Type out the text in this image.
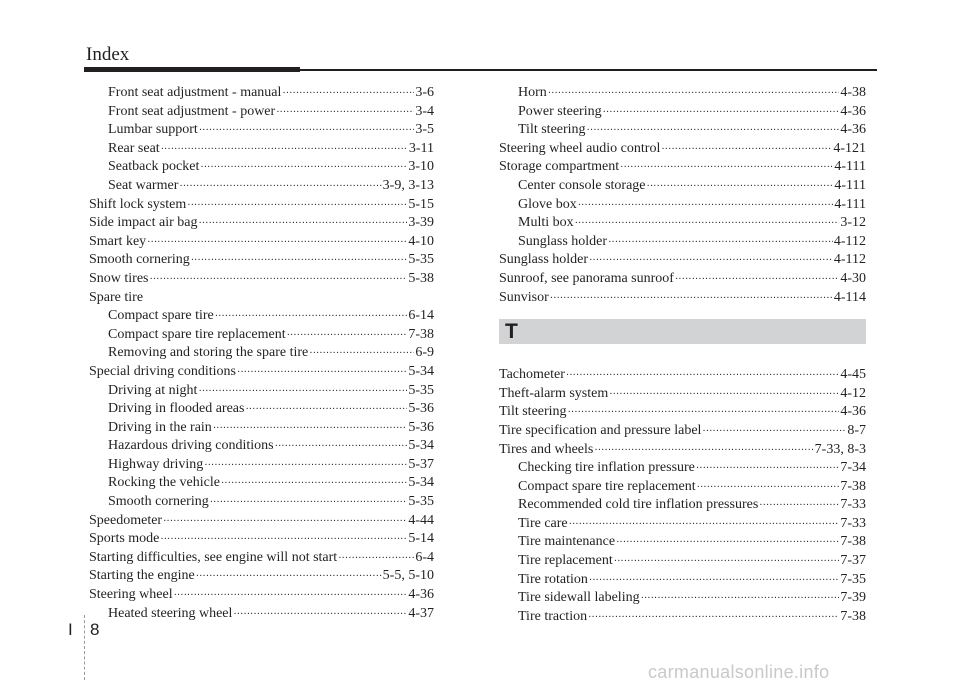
Index
Front seat adjustment - manual ·····	3-6
Front seat adjustment - power ·····	3-4
Lumbar support ·····	3-5
Rear seat ·····	3-11
Seatback pocket ·····	3-10
Seat warmer ·····	3-9, 3-13
Shift lock system ·····	5-15
Side impact air bag ·····	3-39
Smart key ·····	4-10
Smooth cornering ·····	5-35
Snow tires ·····	5-38
Spare tire
Compact spare tire ·····	6-14
Compact spare tire replacement ·····	7-38
Removing and storing the spare tire ·····	6-9
Special driving conditions ·····	5-34
Driving at night ·····	5-35
Driving in flooded areas ·····	5-36
Driving in the rain ·····	5-36
Hazardous driving conditions ·····	5-34
Highway driving ·····	5-37
Rocking the vehicle ·····	5-34
Smooth cornering ·····	5-35
Speedometer ·····	4-44
Sports mode ·····	5-14
Starting difficulties, see engine will not start ·····	6-4
Starting the engine ·····	5-5, 5-10
Steering wheel ·····	4-36
Heated steering wheel ·····	4-37
Horn ·····	4-38
Power steering ·····	4-36
Tilt steering ·····	4-36
Steering wheel audio control ·····	4-121
Storage compartment ·····	4-111
Center console storage ·····	4-111
Glove box ·····	4-111
Multi box ·····	3-12
Sunglass holder ·····	4-112
Sunglass holder ·····	4-112
Sunroof, see panorama sunroof ·····	4-30
Sunvisor ·····	4-114
T
Tachometer ·····	4-45
Theft-alarm system ·····	4-12
Tilt steering ·····	4-36
Tire specification and pressure label ·····	8-7
Tires and wheels ·····	7-33, 8-3
Checking tire inflation pressure ·····	7-34
Compact spare tire replacement ·····	7-38
Recommended cold tire inflation pressures ·····	7-33
Tire care ·····	7-33
Tire maintenance ·····	7-38
Tire replacement ·····	7-37
Tire rotation ·····	7-35
Tire sidewall labeling ·····	7-39
Tire traction ·····	7-38
I 8
carmanualsonline.info
